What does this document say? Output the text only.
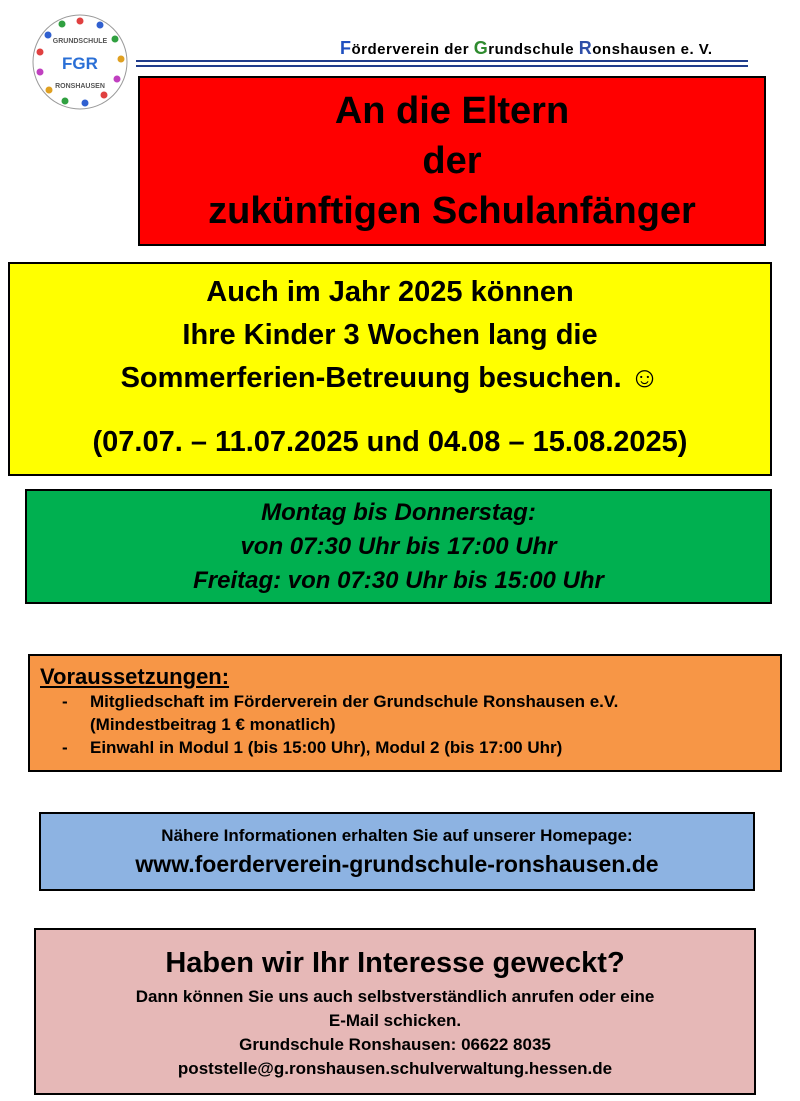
GRUNDSCHULE
RONSHAUSEN
FGR
Förderverein der Grundschule Ronshausen e. V.
An die Eltern
der
zukünftigen Schulanfänger
Auch im Jahr 2025 können
Ihre Kinder 3 Wochen lang die
Sommerferien-Betreuung besuchen. ☺
(07.07. – 11.07.2025 und 04.08 – 15.08.2025)
Montag bis Donnerstag:
von 07:30 Uhr bis 17:00 Uhr
Freitag: von 07:30 Uhr bis 15:00 Uhr
Voraussetzungen:
- Mitgliedschaft im Förderverein der Grundschule Ronshausen e.V.
(Mindestbeitrag 1 € monatlich)
- Einwahl in Modul 1 (bis 15:00 Uhr), Modul 2 (bis 17:00 Uhr)
Nähere Informationen erhalten Sie auf unserer Homepage:
www.foerderverein-grundschule-ronshausen.de
Haben wir Ihr Interesse geweckt?
Dann können Sie uns auch selbstverständlich anrufen oder eine
E-Mail schicken.
Grundschule Ronshausen: 06622 8035
poststelle@g.ronshausen.schulverwaltung.hessen.de
